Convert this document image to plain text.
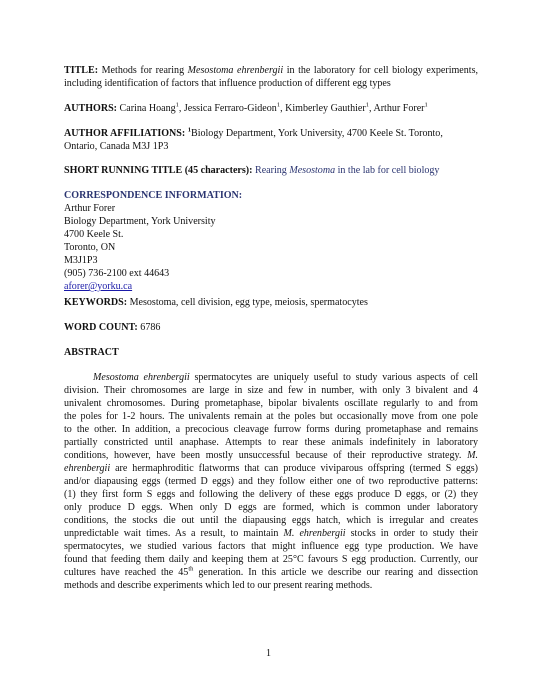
TITLE: Methods for rearing Mesostoma ehrenbergii in the laboratory for cell biology experiments, including identification of factors that influence production of different egg types

AUTHORS: Carina Hoang$^1$, Jessica Ferraro-Gideon$^1$, Kimberley Gauthier$^1$, Arthur Forer$^1$

AUTHOR AFFILIATIONS: $^1$Biology Department, York University, 4700 Keele St. Toronto, Ontario, Canada M3J 1P3

SHORT RUNNING TITLE (45 characters): Rearing Mesostoma in the lab for cell biology

CORRESPONDENCE INFORMATION:
Arthur Forer
Biology Department, York University
4700 Keele St.
Toronto, ON
M3J1P3
(905) 736-2100 ext 44643
aforer@yorku.ca

KEYWORDS: Mesostoma, cell division, egg type, meiosis, spermatocytes

WORD COUNT: 6786

ABSTRACT

Mesostoma ehrenbergii spermatocytes are uniquely useful to study various aspects of cell
division. Their chromosomes are large in size and few in number, with only 3 bivalent and 4
univalent chromosomes. During prometaphase, bipolar bivalents oscillate regularly to and from
the poles for 1-2 hours. The univalents remain at the poles but occasionally move from one pole
to the other. In addition, a precocious cleavage furrow forms during prometaphase and remains
partially constricted until anaphase. Attempts to rear these animals indefinitely in laboratory
conditions, however, have been mostly unsuccessful because of their reproductive strategy. M.
ehrenbergii are hermaphroditic flatworms that can produce viviparous offspring (termed S eggs)
and/or diapausing eggs (termed D eggs) and they follow either one of two reproductive patterns:
(1) they first form S eggs and following the delivery of these eggs produce D eggs, or (2) they
only produce D eggs. When only D eggs are formed, which is common under laboratory
conditions, the stocks die out until the diapausing eggs hatch, which is irregular and creates
unpredictable wait times. As a result, to maintain M. ehrenbergii stocks in order to study their
spermatocytes, we studied various factors that might influence egg type production. We have
found that feeding them daily and keeping them at 25°C favours S egg production. Currently, our
cultures have reached the 45th generation. In this article we describe our rearing and dissection
methods and describe experiments which led to our present rearing methods.
1
